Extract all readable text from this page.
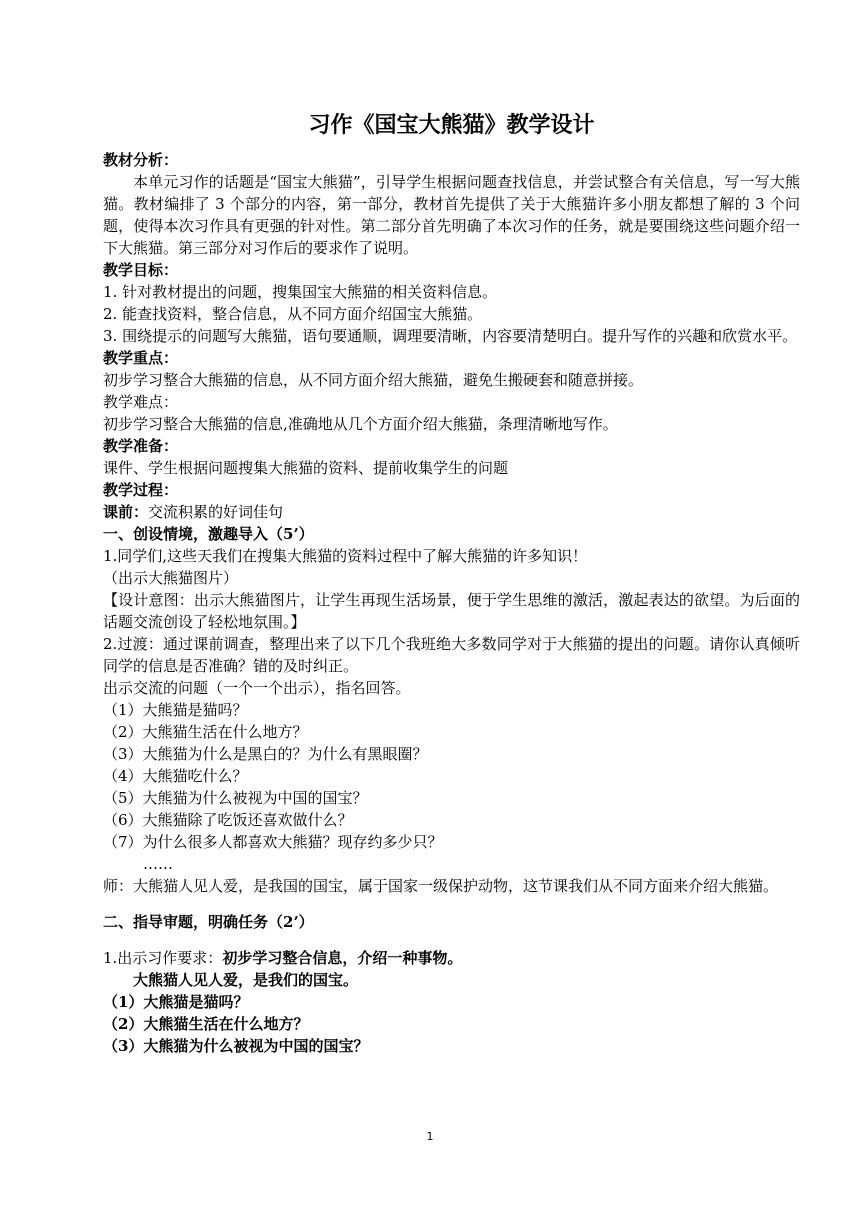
习作《国宝大熊猫》教学设计

教材分析：

本单元习作的话题是“国宝大熊猫”，引导学生根据问题查找信息，并尝试整合有关信息，写一写大熊猫。教材编排了 3 个部分的内容，第一部分，教材首先提供了关于大熊猫许多小朋友都想了解的 3 个问题，使得本次习作具有更强的针对性。第二部分首先明确了本次习作的任务，就是要围绕这些问题介绍一下大熊猫。第三部分对习作后的要求作了说明。

教学目标：

1. 针对教材提出的问题，搜集国宝大熊猫的相关资料信息。

2. 能查找资料，整合信息，从不同方面介绍国宝大熊猫。

3. 围绕提示的问题写大熊猫，语句要通顺，调理要清晰，内容要清楚明白。提升写作的兴趣和欣赏水平。

教学重点：

初步学习整合大熊猫的信息，从不同方面介绍大熊猫，避免生搬硬套和随意拼接。

教学难点：

初步学习整合大熊猫的信息,准确地从几个方面介绍大熊猫，条理清晰地写作。

教学准备：

课件、学生根据问题搜集大熊猫的资料、提前收集学生的问题

教学过程：

课前：交流积累的好词佳句

一、创设情境，激趣导入（5’）

1.同学们,这些天我们在搜集大熊猫的资料过程中了解大熊猫的许多知识！

（出示大熊猫图片）

【设计意图：出示大熊猫图片，让学生再现生活场景，便于学生思维的激活，激起表达的欲望。为后面的话题交流创设了轻松地氛围。】

2.过渡：通过课前调查，整理出来了以下几个我班绝大多数同学对于大熊猫的提出的问题。请你认真倾听同学的信息是否准确？错的及时纠正。

出示交流的问题（一个一个出示），指名回答。

（1）大熊猫是猫吗？

（2）大熊猫生活在什么地方？

（3）大熊猫为什么是黑白的？为什么有黑眼圈？

（4）大熊猫吃什么？

（5）大熊猫为什么被视为中国的国宝？

（6）大熊猫除了吃饭还喜欢做什么？

（7）为什么很多人都喜欢大熊猫？现存约多少只？

……

师：大熊猫人见人爱，是我国的国宝，属于国家一级保护动物，这节课我们从不同方面来介绍大熊猫。

二、指导审题，明确任务（2’）

1.出示习作要求：初步学习整合信息，介绍一种事物。

大熊猫人见人爱，是我们的国宝。

（1）大熊猫是猫吗？

（2）大熊猫生活在什么地方？

（3）大熊猫为什么被视为中国的国宝？

1
